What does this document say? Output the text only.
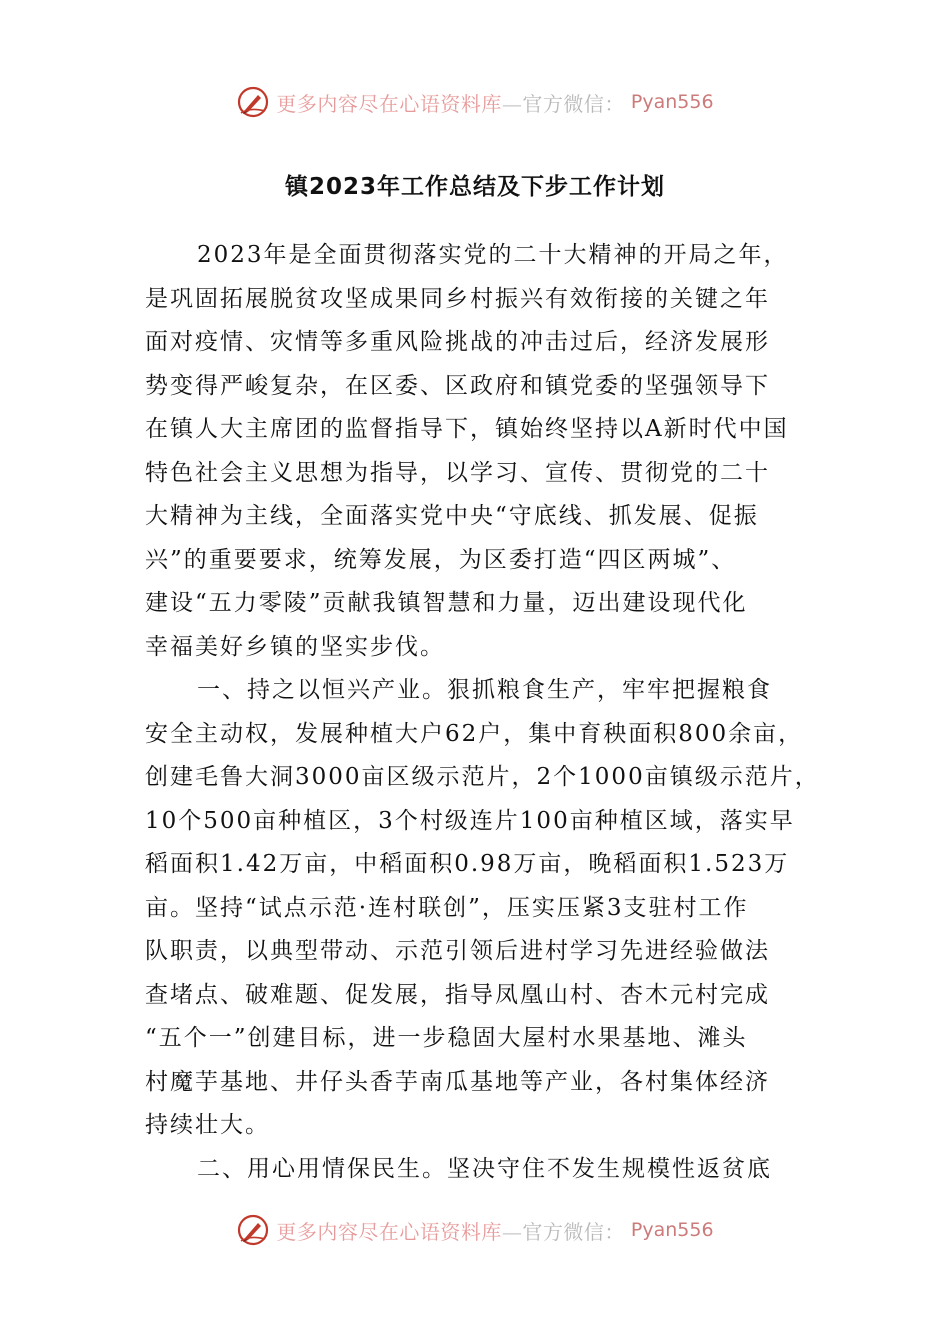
更多内容尽在心语资料库—官方微信： Pyan556
镇2023年工作总结及下步工作计划
2023年是全面贯彻落实党的二十大精神的开局之年，
是巩固拓展脱贫攻坚成果同乡村振兴有效衔接的关键之年
面对疫情、灾情等多重风险挑战的冲击过后，经济发展形
势变得严峻复杂，在区委、区政府和镇党委的坚强领导下
在镇人大主席团的监督指导下，镇始终坚持以A新时代中国
特色社会主义思想为指导，以学习、宣传、贯彻党的二十
大精神为主线，全面落实党中央“守底线、抓发展、促振
兴”的重要要求，统筹发展，为区委打造“四区两城”、
建设“五力零陵”贡献我镇智慧和力量，迈出建设现代化
幸福美好乡镇的坚实步伐。
一、持之以恒兴产业。狠抓粮食生产，牢牢把握粮食
安全主动权，发展种植大户62户，集中育秧面积800余亩，
创建毛鲁大洞3000亩区级示范片，2个1000亩镇级示范片，
10个500亩种植区，3个村级连片100亩种植区域，落实早
稻面积1.42万亩，中稻面积0.98万亩，晚稻面积1.523万
亩。坚持“试点示范·连村联创”，压实压紧3支驻村工作
队职责，以典型带动、示范引领后进村学习先进经验做法
查堵点、破难题、促发展，指导凤凰山村、杏木元村完成
“五个一”创建目标，进一步稳固大屋村水果基地、滩头
村魔芋基地、井仔头香芋南瓜基地等产业，各村集体经济
持续壮大。
二、用心用情保民生。坚决守住不发生规模性返贫底
更多内容尽在心语资料库—官方微信： Pyan556
